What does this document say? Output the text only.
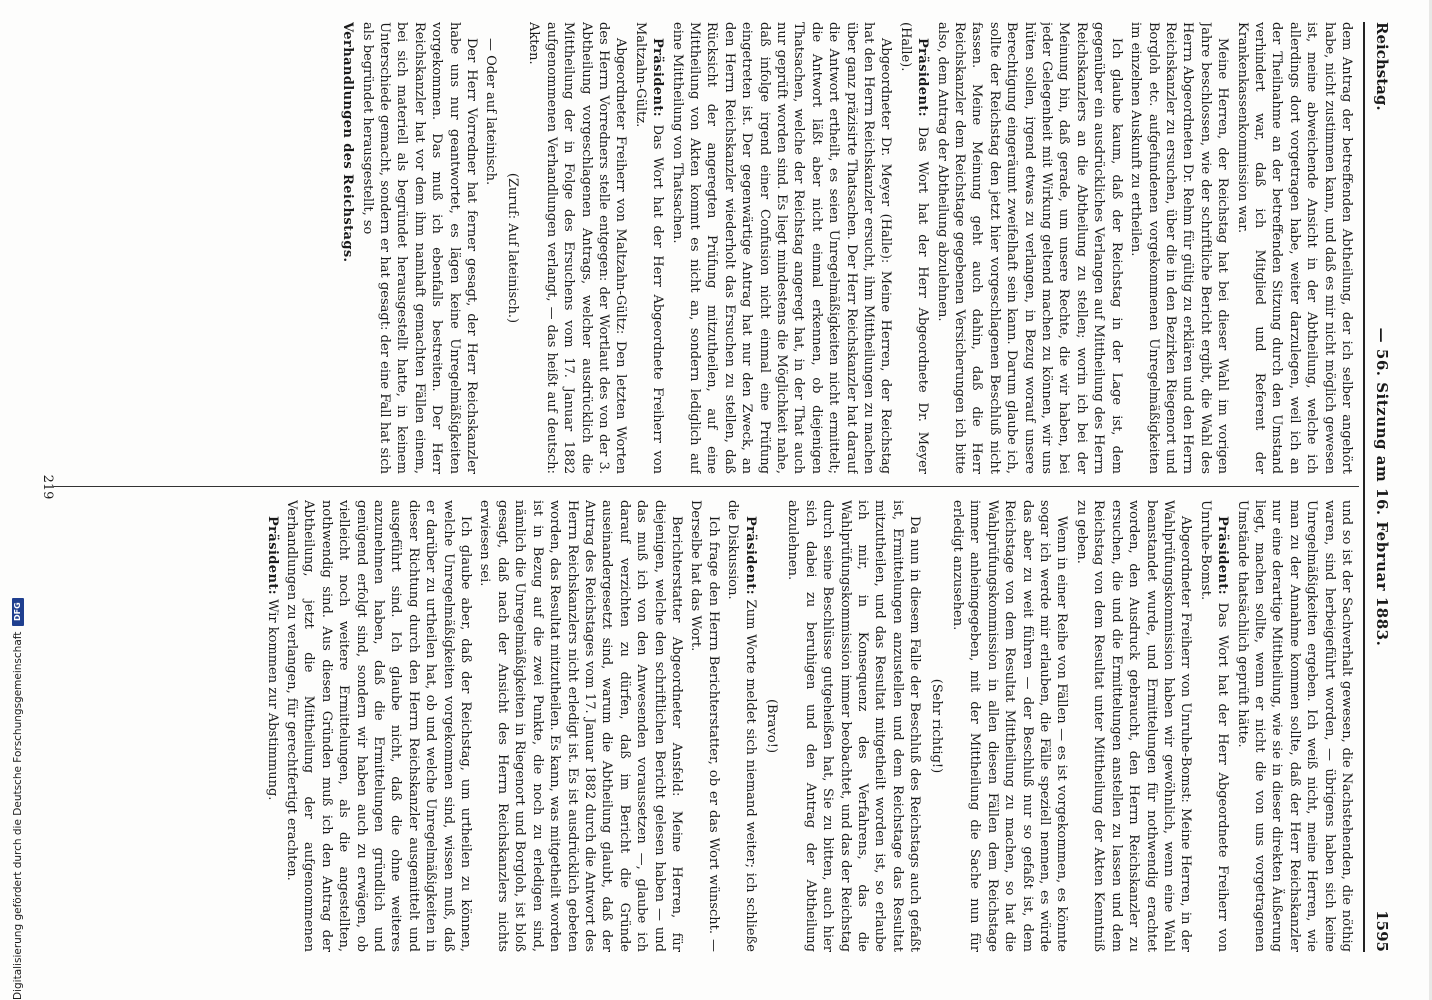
Reichstag.
— 56. Sitzung am 16. Februar 1883.
1595

dem Antrag der betreffenden Abtheilung, der ich selber angehört habe, nicht zustimmen kann, und daß es mir nicht möglich gewesen ist, meine abweichende Ansicht in der Abtheilung, welche ich allerdings dort vorgetragen habe, weiter darzulegen, weil ich an der Theilnahme an der betreffenden Sitzung durch den Umstand verhindert war, daß ich Mitglied und Referent der Krankenkassenkommission war.

Meine Herren, der Reichstag hat bei dieser Wahl im vorigen Jahre beschlossen, wie der schriftliche Bericht ergibt, die Wahl des Herrn Abgeordneten Dr. Rehm für gültig zu erklären und den Herrn Reichskanzler zu ersuchen, über die in den Bezirken Riegenort und Borgloh etc. aufgefundenen vorgekommenen Unregelmäßigkeiten im einzelnen Auskunft zu ertheilen.

Ich glaube kaum, daß der Reichstag in der Lage ist, dem gegenüber ein ausdrückliches Verlangen auf Mittheilung des Herrn Reichskanzlers an die Abtheilung zu stellen; worin ich bei der Meinung bin, daß gerade, um unsere Rechte, die wir haben, bei jeder Gelegenheit mit Wirkung geltend machen zu können, wir uns hüten sollen, irgend etwas zu verlangen, in Bezug worauf unsere Berechtigung eingeräumt zweifelhaft sein kann. Darum glaube ich, sollte der Reichstag den jetzt hier vorgeschlagenen Beschluß nicht fassen. Meine Meinung geht auch dahin, daß die Herr Reichskanzler dem Reichstage gegebenen Versicherungen ich bitte also, dem Antrag der Abtheilung abzulehnen.

Präsident: Das Wort hat der Herr Abgeordnete Dr. Meyer (Halle).

Abgeordneter Dr. Meyer (Halle): Meine Herren, der Reichstag hat den Herrn Reichskanzler ersucht, ihm Mittheilungen zu machen über ganz präzisirte Thatsachen. Der Herr Reichskanzler hat darauf die Antwort ertheilt, es seien Unregelmäßigkeiten nicht ermittelt; die Antwort läßt aber nicht einmal erkennen, ob diejenigen Thatsachen, welche der Reichstag angeregt hat, in der That auch nur geprüft worden sind. Es liegt mindestens die Möglichkeit nahe, daß infolge irgend einer Confusion nicht einmal eine Prüfung eingetreten ist. Der gegenwärtige Antrag hat nur den Zweck, an den Herrn Reichskanzler wiederholt das Ersuchen zu stellen, daß Rücksicht der angeregten Prüfung mitzutheilen, auf eine Mittheilung von Akten kommt es nicht an, sondern lediglich auf eine Mittheilung von Thatsachen.

Präsident: Das Wort hat der Herr Abgeordnete Freiherr von Maltzahn-Gültz.

Abgeordneter Freiherr von Maltzahn-Gültz: Den letzten Worten des Herrn Vorredners stelle entgegen: der Wortlaut des von der 3. Abtheilung vorgeschlagenen Antrags, welcher ausdrücklich die Mittheilung der in Folge des Ersuchens vom 17. Januar 1882 aufgenommenen Verhandlungen verlangt, — das heißt auf deutsch: Akten.

(Zuruf: Auf lateinisch.)

— Oder auf lateinisch.

Der Herr Vorredner hat ferner gesagt, der Herr Reichskanzler habe uns nur geantwortet, es lägen keine Unregelmäßigkeiten vorgekommen. Das muß ich ebenfalls bestreiten. Der Herr Reichskanzler hat vor dem ihm namhaft gemachten Fällen einem, bei sich materiell als begründet herausgestellt hatte, in keinem Unterschiede gemacht, sondern er hat gesagt: der eine Fall hat sich als begründet herausgestellt, so

Verhandlungen des Reichstags.

und so ist der Sachverhalt gewesen, die Nachstehenden, die nöthig waren, sind herbeigeführt worden, — übrigens haben sich keine Unregelmäßigkeiten ergeben. Ich weiß nicht, meine Herren, wie man zu der Annahme kommen sollte, daß der Herr Reichskanzler nur eine derartige Mittheilung, wie sie in dieser direkten Äußerung liegt, machen sollte, wenn er nicht die von uns vorgetragenen Umstände thatsächlich geprüft hätte.

Präsident: Das Wort hat der Herr Abgeordnete Freiherr von Unruhe-Bomst.

Abgeordneter Freiherr von Unruhe-Bomst: Meine Herren, in der Wahlprüfungskommission haben wir gewöhnlich, wenn eine Wahl beanstandet wurde, und Ermittelungen für nothwendig erachtet worden, den Ausdruck gebraucht, den Herrn Reichskanzler zu ersuchen, die und die Ermittelungen anstellen zu lassen und dem Reichstag von dem Resultat unter Mittheilung der Akten Kenntniß zu geben.

Wenn in einer Reihe von Fällen — es ist vorgekommen, es könnte sogar ich werde mir erlauben, die Fälle speziell nennen, es würde das aber zu weit führen — der Beschluß nur so gefaßt ist, dem Reichstage von dem Resultat Mittheilung zu machen, so hat die Wahlprüfungskommission in allen diesen Fällen dem Reichstage immer anheimgegeben, mit der Mittheilung die Sache nun für erledigt anzusehen.

(Sehr richtig!)

Da nun in diesem Falle der Beschluß des Reichstags auch gefaßt ist, Ermittelungen anzustellen und dem Reichstage das Resultat mitzutheilen, und das Resultat mitgetheilt worden ist, so erlaube ich mir, in Konsequenz des Verfahrens, das die Wahlprüfungskommission immer beobachtet, und das der Reichstag durch seine Beschlüsse gutgeheißen hat, Sie zu bitten, auch hier sich dabei zu beruhigen und den Antrag der Abtheilung abzulehnen.

(Bravo!)

Präsident: Zum Worte meldet sich niemand weiter; ich schließe die Diskussion.

Ich frage den Herrn Berichterstatter, ob er das Wort wünscht. — Derselbe hat das Wort.

Berichterstatter Abgeordneter Ansfeld: Meine Herren, für diejenigen, welche den schriftlichen Bericht gelesen haben — und das muß ich von den Anwesenden voraussetzen —, glaube ich darauf verzichten zu dürfen, daß im Bericht die Gründe auseinandergesetzt sind, warum die Abtheilung glaubt, daß der Antrag des Reichstages vom 17. Januar 1882 durch die Antwort des Herrn Reichskanzlers nicht erledigt ist. Es ist ausdrücklich gebeten worden, das Resultat mitzutheilen. Es kann, was mitgetheilt worden ist in Bezug auf die zwei Punkte, die noch zu erledigen sind, nämlich die Unregelmäßigkeiten in Riegenort und Borgloh, ist bloß gesagt, daß nach der Ansicht des Herrn Reichskanzlers nichts erwiesen sei.

Ich glaube aber, daß der Reichstag, um urtheilen zu können, welche Unregelmäßigkeiten vorgekommen sind, wissen muß, daß er darüber zu urtheilen hat, ob und welche Unregelmäßigkeiten in dieser Richtung durch den Herrn Reichskanzler ausgemittelt und ausgeführt sind. Ich glaube nicht, daß die ohne weiteres anzunehmen haben, daß die Ermittelungen gründlich und genügend erfolgt sind, sondern wir haben auch zu erwägen, ob vielleicht noch weitere Ermittelungen, als die angestellten, nothwendig sind. Aus diesen Gründen muß ich den Antrag der Abtheilung, jetzt die Mittheilung der aufgenommenen Verhandlungen zu verlangen, für gerechtfertigt erachten.

Präsident: Wir kommen zur Abstimmung.

219
Digitalisierung gefördert durch die Deutsche Forschungsgemeinschaft
DFG
